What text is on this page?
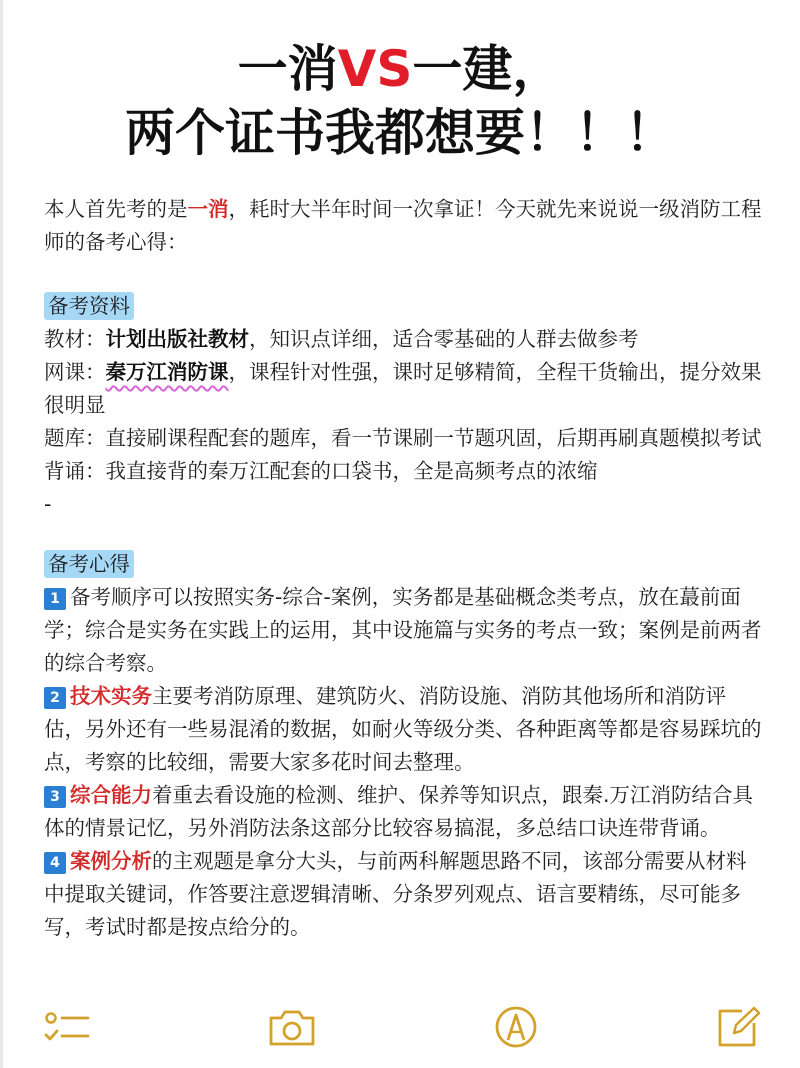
一消VS一建，
两个证书我都想要！！！
本人首先考的是一消，耗时大半年时间一次拿证！今天就先来说说一级消防工程师的备考心得：
备考资料
教材：计划出版社教材，知识点详细，适合零基础的人群去做参考
网课：秦万江消防课，课程针对性强，课时足够精简，全程干货输出，提分效果很明显
题库：直接刷课程配套的题库，看一节课刷一节题巩固，后期再刷真题模拟考试
背诵：我直接背的秦万江配套的口袋书，全是高频考点的浓缩
-
备考心得
1 备考顺序可以按照实务-综合-案例，实务都是基础概念类考点，放在蕞前面学；综合是实务在实践上的运用，其中设施篇与实务的考点一致；案例是前两者的综合考察。
2 技术实务主要考消防原理、建筑防火、消防设施、消防其他场所和消防评估，另外还有一些易混淆的数据，如耐火等级分类、各种距离等都是容易踩坑的点，考察的比较细，需要大家多花时间去整理。
3 综合能力着重去看设施的检测、维护、保养等知识点，跟秦.万江消防结合具体的情景记忆，另外消防法条这部分比较容易搞混，多总结口诀连带背诵。
4 案例分析的主观题是拿分大头，与前两科解题思路不同，该部分需要从材料中提取关键词，作答要注意逻辑清晰、分条罗列观点、语言要精练，尽可能多写，考试时都是按点给分的。
